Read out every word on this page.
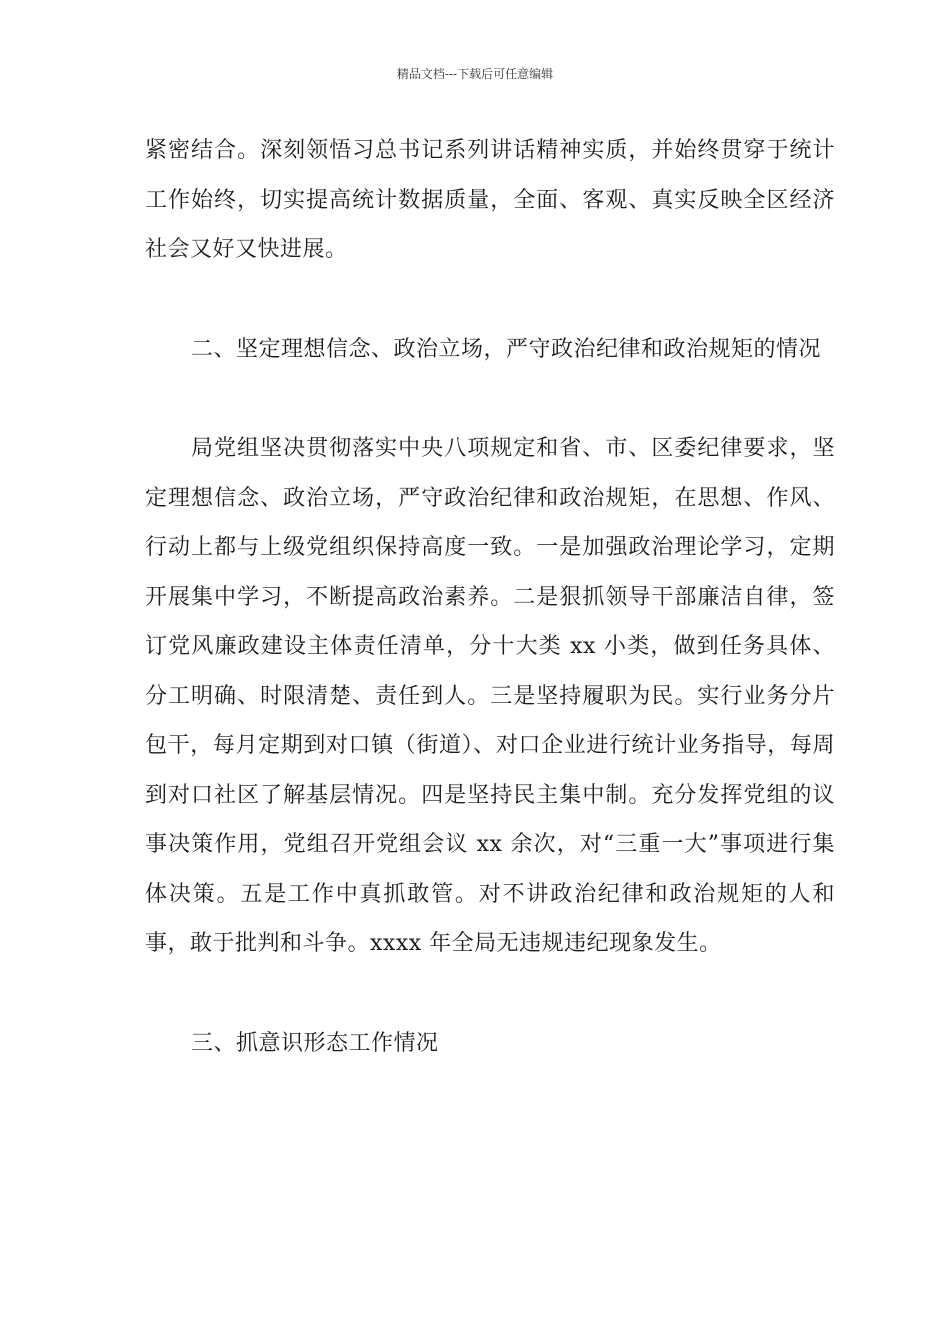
精品文档---下载后可任意编辑

紧密结合。深刻领悟习总书记系列讲话精神实质，并始终贯穿于统计工作始终，切实提高统计数据质量，全面、客观、真实反映全区经济社会又好又快进展。

二、坚定理想信念、政治立场，严守政治纪律和政治规矩的情况

局党组坚决贯彻落实中央八项规定和省、市、区委纪律要求，坚定理想信念、政治立场，严守政治纪律和政治规矩，在思想、作风、行动上都与上级党组织保持高度一致。一是加强政治理论学习，定期开展集中学习，不断提高政治素养。二是狠抓领导干部廉洁自律，签订党风廉政建设主体责任清单，分十大类 xx 小类，做到任务具体、分工明确、时限清楚、责任到人。三是坚持履职为民。实行业务分片包干，每月定期到对口镇（街道）、对口企业进行统计业务指导，每周到对口社区了解基层情况。四是坚持民主集中制。充分发挥党组的议事决策作用，党组召开党组会议 xx 余次，对“三重一大”事项进行集体决策。五是工作中真抓敢管。对不讲政治纪律和政治规矩的人和事，敢于批判和斗争。xxxx 年全局无违规违纪现象发生。

三、抓意识形态工作情况
